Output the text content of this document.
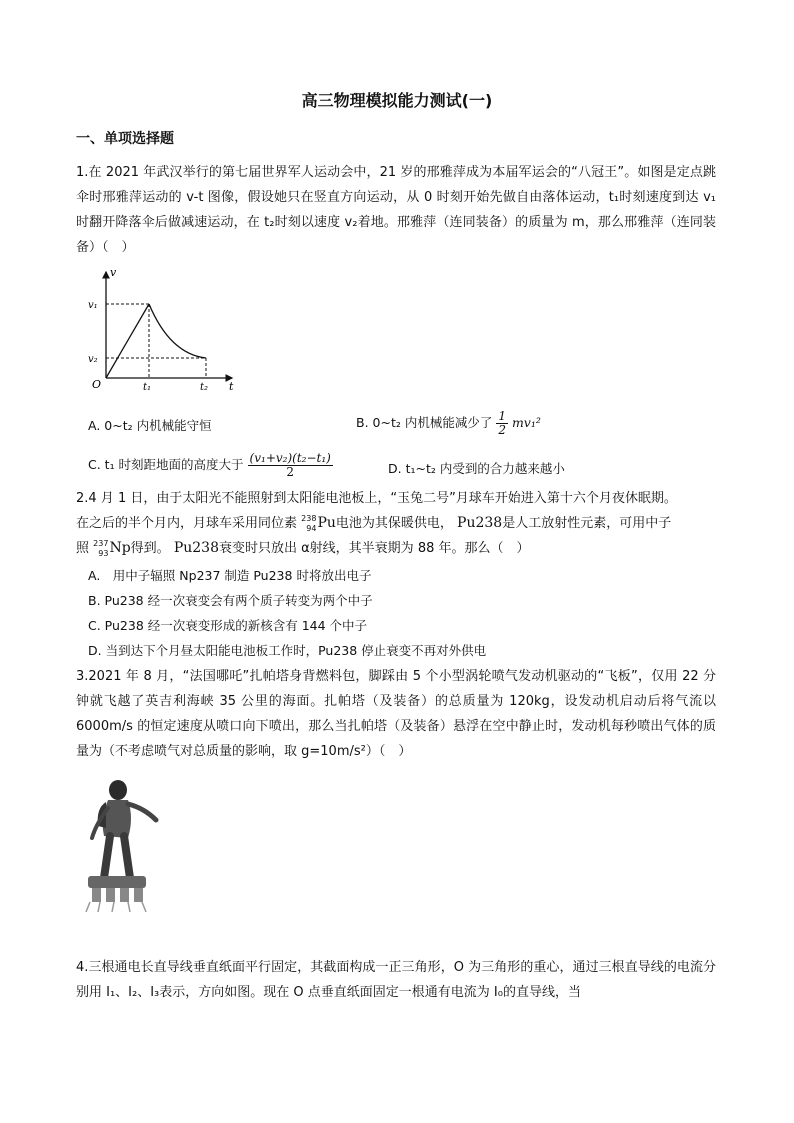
高三物理模拟能力测试(一)
一、单项选择题
1.在 2021 年武汉举行的第七届世界军人运动会中，21 岁的邢雅萍成为本届军运会的“八冠王”。如图是定点跳伞时邢雅萍运动的 v-t 图像，假设她只在竖直方向运动，从 0 时刻开始先做自由落体运动，t₁时刻速度到达 v₁时翻开降落伞后做减速运动，在 t₂时刻以速度 v₂着地。邢雅萍（连同装备）的质量为 m，那么邢雅萍（连同装备）（　）
v
t
O
v₁
v₂
t₁	t₂
A. 0~t₂ 内机械能守恒	B. 0~t₂ 内机械能减少了 $\frac{1}{2} mv_1^2$
C. t₁ 时刻距地面的高度大于 $\frac{\text{(v₁+v₂)(t₂−t₁)}}{2}$	D. t₁~t₂ 内受到的合力越来越小
2.4 月 1 日，由于太阳光不能照射到太阳能电池板上，“玉兔二号”月球车开始进入第十六个月夜休眠期。
在之后的半个月内，月球车采用同位素 238
94 Pu电池为其保暖供电， Pu238是人工放射性元素，可用中子
照 237
93 Np得到。 Pu238衰变时只放出 α射线，其半衰期为 88 年。那么（　）
A.　用中子辐照 Np237 制造 Pu238 时将放出电子
B. Pu238 经一次衰变会有两个质子转变为两个中子
C. Pu238 经一次衰变形成的新核含有 144 个中子
D. 当到达下个月昼太阳能电池板工作时，Pu238 停止衰变不再对外供电
3.2021 年 8 月，“法国哪吒”扎帕塔身背燃料包，脚踩由 5 个小型涡轮喷气发动机驱动的“飞板”，仅用 22 分钟就飞越了英吉利海峡 35 公里的海面。扎帕塔（及装备）的总质量为 120kg，设发动机启动后将气流以 6000m/s 的恒定速度从喷口向下喷出，那么当扎帕塔（及装备）悬浮在空中静止时，发动机每秒喷出气体的质量为（不考虑喷气对总质量的影响，取 g=10m/s²）（　）
4.三根通电长直导线垂直纸面平行固定，其截面构成一正三角形，O 为三角形的重心，通过三根直导线的电流分别用 I₁、I₂、I₃表示，方向如图。现在 O 点垂直纸面固定一根通有电流为 I₀的直导线，当
